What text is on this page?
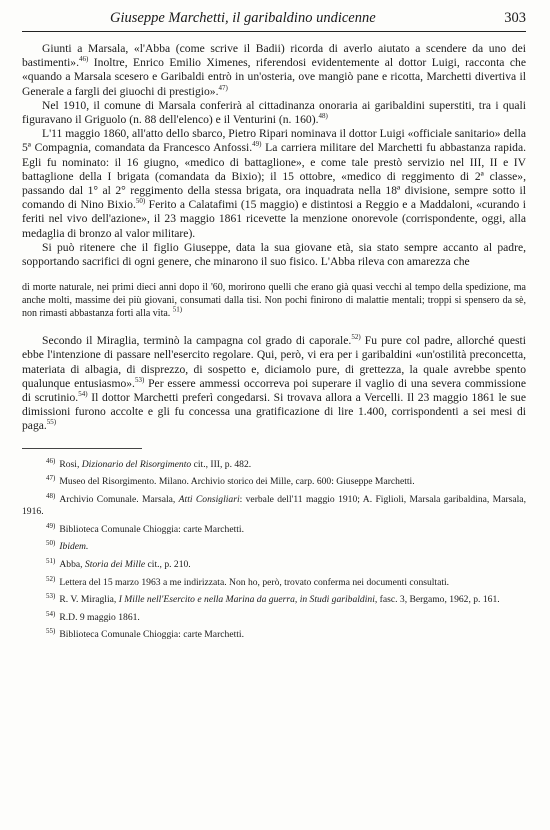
Giuseppe Marchetti, il garibaldino undicenne	303

Giunti a Marsala, «l'Abba (come scrive il Badii) ricorda di averlo aiutato a scendere da uno dei bastimenti».$^{46)}$ Inoltre, Enrico Emilio Ximenes, riferendosi evidentemente al dottor Luigi, racconta che «quando a Marsala scesero e Garibaldi entrò in un'osteria, ove mangiò pane e ricotta, Marchetti divertiva il Generale a fargli dei giuochi di prestigio».$^{47)}$

Nel 1910, il comune di Marsala conferirà al cittadinanza onoraria ai garibaldini superstiti, tra i quali figuravano il Griguolo (n. 88 dell'elenco) e il Venturini (n. 160).$^{48)}$

L'11 maggio 1860, all'atto dello sbarco, Pietro Ripari nominava il dottor Luigi «officiale sanitario» della 5ª Compagnia, comandata da Francesco Anfossi.$^{49)}$ La carriera militare del Marchetti fu abbastanza rapida. Egli fu nominato: il 16 giugno, «medico di battaglione», e come tale prestò servizio nel III, II e IV battaglione della I brigata (comandata da Bixio); il 15 ottobre, «medico di reggimento di 2ª classe», passando dal 1° al 2° reggimento della stessa brigata, ora inquadrata nella 18ª divisione, sempre sotto il comando di Nino Bixio.$^{50)}$ Ferito a Calatafimi (15 maggio) e distintosi a Reggio e a Maddaloni, «curando i feriti nel vivo dell'azione», il 23 maggio 1861 ricevette la menzione onorevole (corrispondente, oggi, alla medaglia di bronzo al valor militare).

Si può ritenere che il figlio Giuseppe, data la sua giovane età, sia stato sempre accanto al padre, sopportando sacrifici di ogni genere, che minarono il suo fisico. L'Abba rileva con amarezza che

di morte naturale, nei primi dieci anni dopo il '60, morirono quelli che erano già quasi vecchi al tempo della spedizione, ma anche molti, massime dei più giovani, consumati dalla tisi. Non pochi finirono di malattie mentali; troppi si spensero da sè, non rimasti abbastanza forti alla vita. $^{51)}$

Secondo il Miraglia, terminò la campagna col grado di caporale.$^{52)}$ Fu pure col padre, allorché questi ebbe l'intenzione di passare nell'esercito regolare. Qui, però, vi era per i garibaldini «un'ostilità preconcetta, materiata di albagia, di disprezzo, di sospetto e, diciamolo pure, di grettezza, la quale avrebbe spento qualunque entusiasmo».$^{53)}$ Per essere ammessi occorreva poi superare il vaglio di una severa commissione di scrutinio.$^{54)}$ Il dottor Marchetti preferì congedarsi. Si trovava allora a Vercelli. Il 23 maggio 1861 le sue dimissioni furono accolte e gli fu concessa una gratificazione di lire 1.400, corrispondenti a sei mesi di paga.$^{55)}$

$^{46)}$ Rosi, Dizionario del Risorgimento cit., III, p. 482.

$^{47)}$ Museo del Risorgimento. Milano. Archivio storico dei Mille, carp. 600: Giuseppe Marchetti.

$^{48)}$ Archivio Comunale. Marsala, Atti Consigliari: verbale dell'11 maggio 1910; A. Figlioli, Marsala garibaldina, Marsala, 1916.

$^{49)}$ Biblioteca Comunale Chioggia: carte Marchetti.

$^{50)}$ Ibidem.

$^{51)}$ Abba, Storia dei Mille cit., p. 210.

$^{52)}$ Lettera del 15 marzo 1963 a me indirizzata. Non ho, però, trovato conferma nei documenti consultati.

$^{53)}$ R. V. Miraglia, I Mille nell'Esercito e nella Marina da guerra, in Studi garibaldini, fasc. 3, Bergamo, 1962, p. 161.

$^{54)}$ R.D. 9 maggio 1861.

$^{55)}$ Biblioteca Comunale Chioggia: carte Marchetti.
